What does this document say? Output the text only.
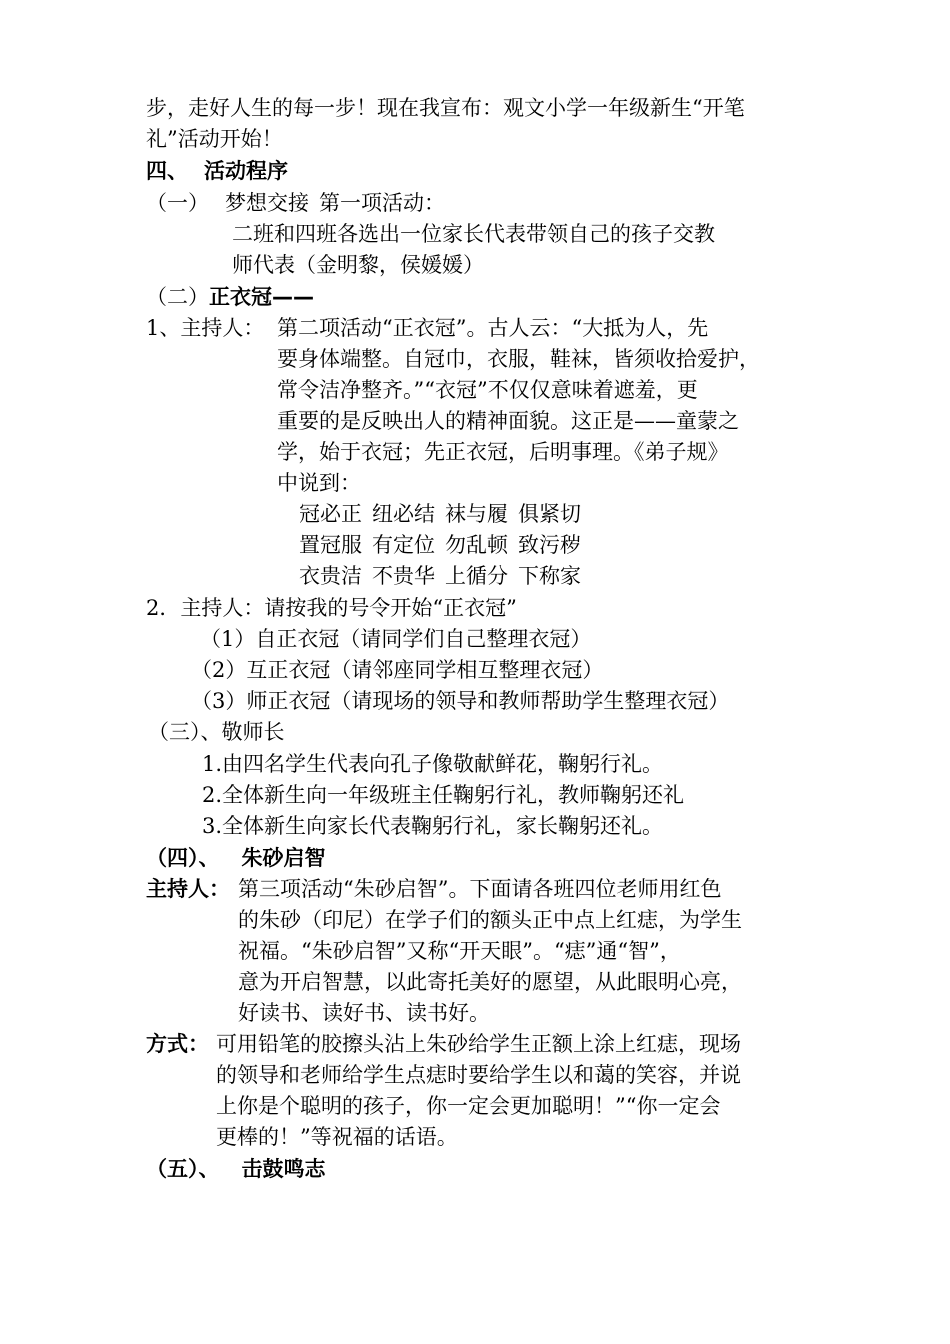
步，走好人生的每一步！现在我宣布：观文小学一年级新生“开笔
礼”活动开始！
四、 活动程序
（一） 梦想交接 第一项活动：
二班和四班各选出一位家长代表带领自己的孩子交教
师代表（金明黎，侯媛媛）
（二）正衣冠——
1、主持人： 第二项活动“正衣冠”。古人云：“大抵为人，先
要身体端整。自冠巾，衣服，鞋袜，皆须收拾爱护，
常令洁净整齐。”“衣冠”不仅仅意味着遮羞，更
重要的是反映出人的精神面貌。这正是——童蒙之
学，始于衣冠；先正衣冠，后明事理。《弟子规》
中说到：
冠必正 纽必结 袜与履 俱紧切
置冠服 有定位 勿乱顿 致污秽
衣贵洁 不贵华 上循分 下称家
2．主持人：请按我的号令开始“正衣冠”
（1）自正衣冠（请同学们自己整理衣冠）
（2）互正衣冠（请邻座同学相互整理衣冠）
（3）师正衣冠（请现场的领导和教师帮助学生整理衣冠）
（三）、敬师长
1.由四名学生代表向孔子像敬献鲜花，鞠躬行礼。
2.全体新生向一年级班主任鞠躬行礼，教师鞠躬还礼
3.全体新生向家长代表鞠躬行礼，家长鞠躬还礼。
（四）、 朱砂启智
主持人： 第三项活动“朱砂启智”。下面请各班四位老师用红色
的朱砂（印尼）在学子们的额头正中点上红痣，为学生
祝福。“朱砂启智”又称“开天眼”。“痣”通“智”，
意为开启智慧，以此寄托美好的愿望，从此眼明心亮，
好读书、读好书、读书好。
方式： 可用铅笔的胶擦头沾上朱砂给学生正额上涂上红痣，现场
的领导和老师给学生点痣时要给学生以和蔼的笑容，并说
上你是个聪明的孩子，你一定会更加聪明！”“你一定会
更棒的！”等祝福的话语。
（五）、 击鼓鸣志
